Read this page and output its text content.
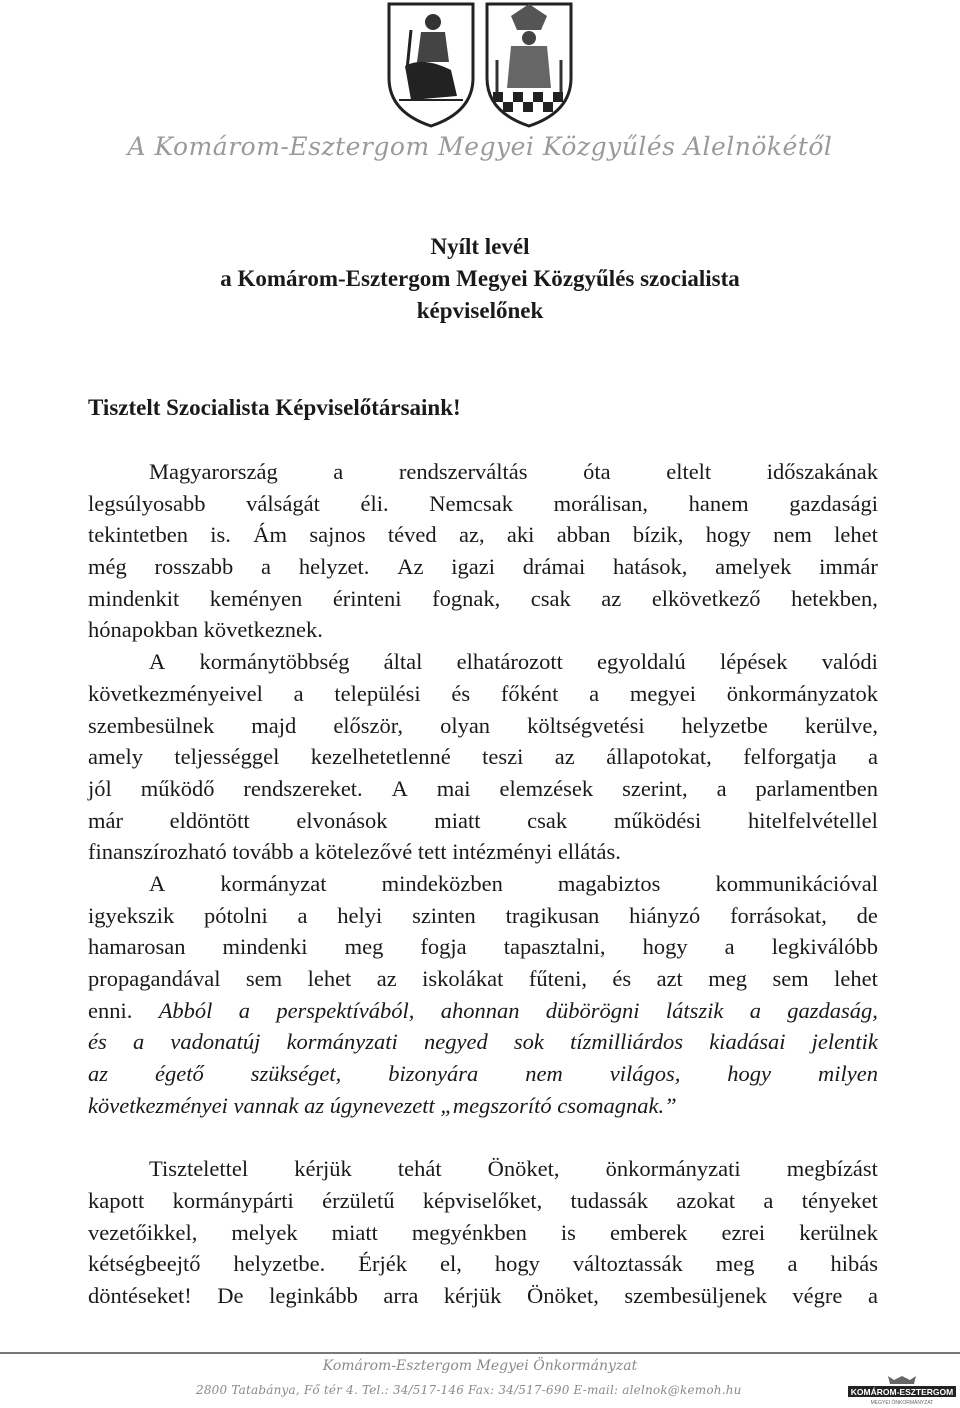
A Komárom-Esztergom Megyei Közgyűlés Alelnökétől
Nyílt levél
a Komárom-Esztergom Megyei Közgyűlés szocialista
képviselőnek
Tisztelt Szocialista Képviselőtársaink!
Magyarország a rendszerváltás óta eltelt időszakának
legsúlyosabb válságát éli. Nemcsak morálisan, hanem gazdasági
tekintetben is. Ám sajnos téved az, aki abban bízik, hogy nem lehet
még rosszabb a helyzet. Az igazi drámai hatások, amelyek immár
mindenkit keményen érinteni fognak, csak az elkövetkező hetekben,
hónapokban következnek.
A kormánytöbbség által elhatározott egyoldalú lépések valódi
következményeivel a települési és főként a megyei önkormányzatok
szembesülnek majd először, olyan költségvetési helyzetbe kerülve,
amely teljességgel kezelhetetlenné teszi az állapotokat, felforgatja a
jól működő rendszereket. A mai elemzések szerint, a parlamentben
már eldöntött elvonások miatt csak működési hitelfelvétellel
finanszírozható tovább a kötelezővé tett intézményi ellátás.
A kormányzat mindeközben magabiztos kommunikációval
igyekszik pótolni a helyi szinten tragikusan hiányzó forrásokat, de
hamarosan mindenki meg fogja tapasztalni, hogy a legkiválóbb
propagandával sem lehet az iskolákat fűteni, és azt meg sem lehet
enni. Abból a perspektívából, ahonnan dübörögni látszik a gazdaság,
és a vadonatúj kormányzati negyed sok tízmilliárdos kiadásai jelentik
az égető szükséget, bizonyára nem világos, hogy milyen
következményei vannak az úgynevezett „megszorító csomagnak.”
Tisztelettel kérjük tehát Önöket, önkormányzati megbízást
kapott kormánypárti érzületű képviselőket, tudassák azokat a tényeket
vezetőikkel, melyek miatt megyénkben is emberek ezrei kerülnek
kétségbeejtő helyzetbe. Érjék el, hogy változtassák meg a hibás
döntéseket! De leginkább arra kérjük Önöket, szembesüljenek végre a
Komárom-Esztergom Megyei Önkormányzat
2800 Tatabánya, Fő tér 4. Tel.: 34/517-146 Fax: 34/517-690 E-mail: alelnok@kemoh.hu	KOMÁROM-ESZTERGOM
MEGYEI ÖNKORMÁNYZAT
